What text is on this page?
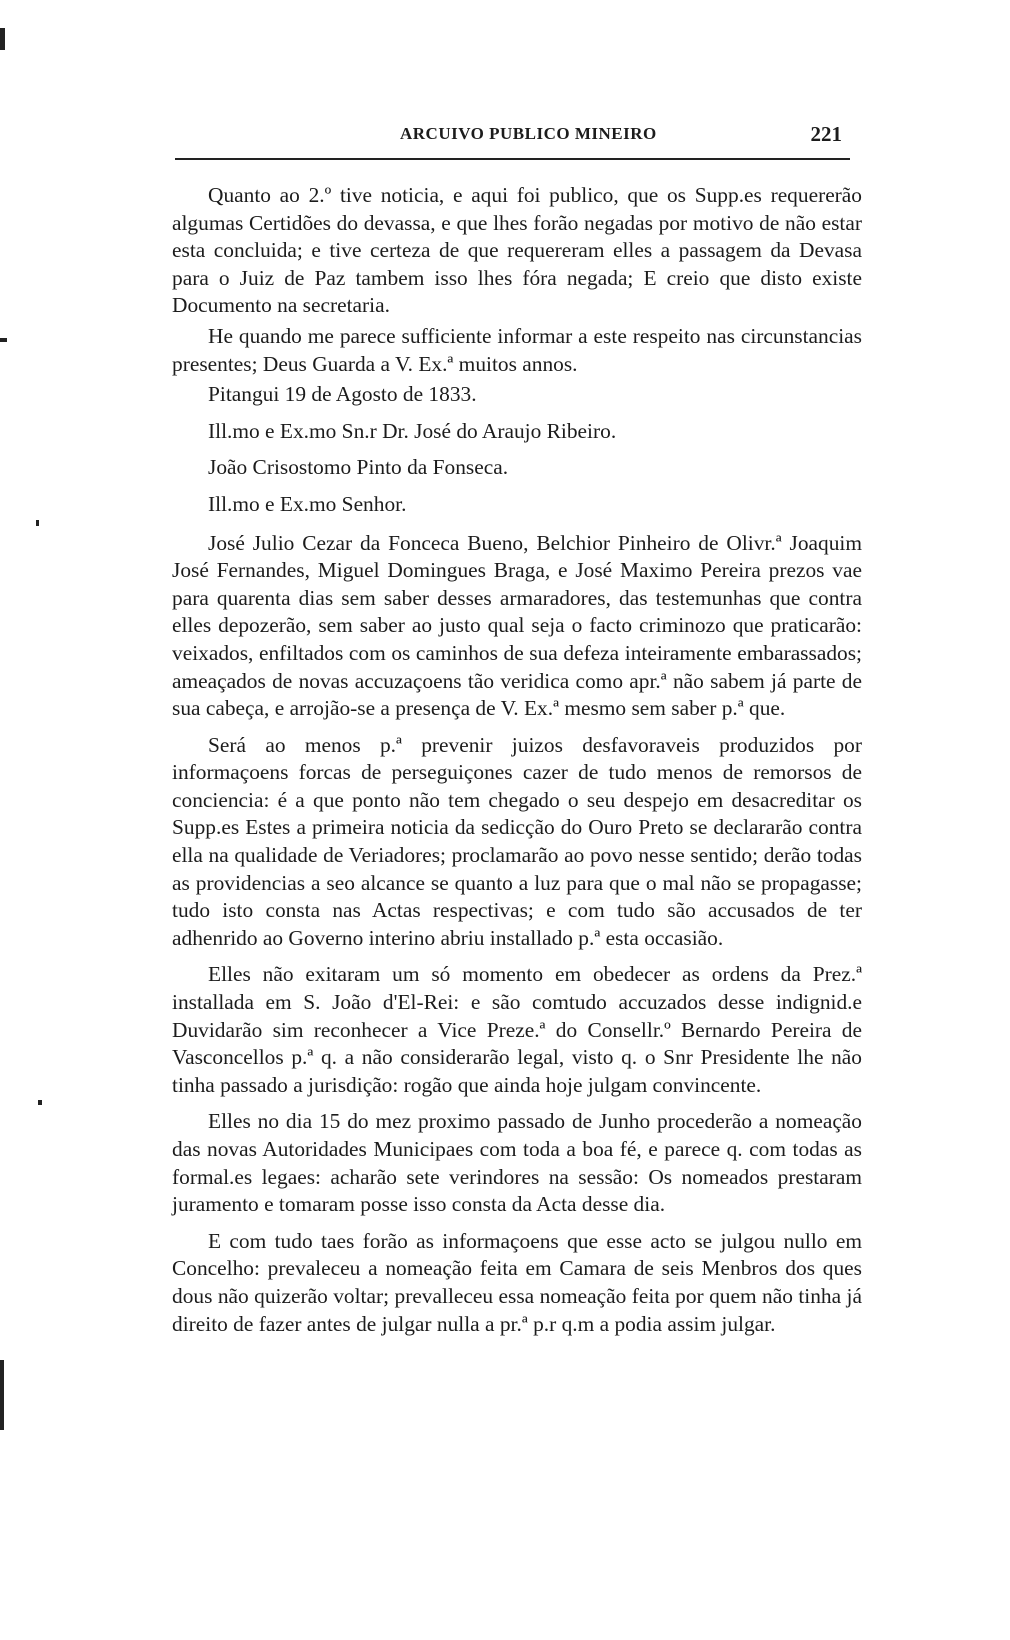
ARCUIVO PUBLICO MINEIRO	221

Quanto ao 2.º tive noticia, e aqui foi publico, que os Supp.es requererão algumas Certidões do devassa, e que lhes forão negadas por motivo de não estar esta concluida; e tive certeza de que requereram elles a passagem da Devasa para o Juiz de Paz tambem isso lhes fóra negada; E creio que disto existe Documento na secretaria.

He quando me parece sufficiente informar a este respeito nas circunstancias presentes; Deus Guarda a V. Ex.ª muitos annos.

Pitangui 19 de Agosto de 1833.

Ill.mo e Ex.mo Sn.r Dr. José do Araujo Ribeiro.

João Crisostomo Pinto da Fonseca.

Ill.mo e Ex.mo Senhor.

José Julio Cezar da Fonceca Bueno, Belchior Pinheiro de Olivr.ª Joaquim José Fernandes, Miguel Domingues Braga, e José Maximo Pereira prezos vae para quarenta dias sem saber desses armaradores, das testemunhas que contra elles depozerão, sem saber ao justo qual seja o facto criminozo que praticarão: veixados, enfiltados com os caminhos de sua defeza inteiramente embarassados; ameaçados de novas accuzaçoens tão veridica como apr.ª não sabem já parte de sua cabeça, e arrojão-se a presença de V. Ex.ª mesmo sem saber p.ª que.

Será ao menos p.ª prevenir juizos desfavoraveis produzidos por informaçoens forcas de perseguiçones cazer de tudo menos de remorsos de conciencia: é a que ponto não tem chegado o seu despejo em desacreditar os Supp.es Estes a primeira noticia da sedicção do Ouro Preto se declararão contra ella na qualidade de Veriadores; proclamarão ao povo nesse sentido; derão todas as providencias a seo alcance se quanto a luz para que o mal não se propagasse; tudo isto consta nas Actas respectivas; e com tudo são accusados de ter adhenrido ao Governo interino abriu installado p.ª esta occasião.

Elles não exitaram um só momento em obedecer as ordens da Prez.ª installada em S. João d'El-Rei: e são comtudo accuzados desse indignid.e Duvidarão sim reconhecer a Vice Preze.ª do Consellr.º Bernardo Pereira de Vasconcellos p.ª q. a não considerarão legal, visto q. o Snr Presidente lhe não tinha passado a jurisdição: rogão que ainda hoje julgam convincente.

Elles no dia 15 do mez proximo passado de Junho procederão a nomeação das novas Autoridades Municipaes com toda a boa fé, e parece q. com todas as formal.es legaes: acharão sete verindores na sessão: Os nomeados prestaram juramento e tomaram posse isso consta da Acta desse dia.

E com tudo taes forão as informaçoens que esse acto se julgou nullo em Concelho: prevaleceu a nomeação feita em Camara de seis Menbros dos ques dous não quizerão voltar; prevalleceu essa nomeação feita por quem não tinha já direito de fazer antes de julgar nulla a pr.ª p.r q.m a podia assim julgar.
